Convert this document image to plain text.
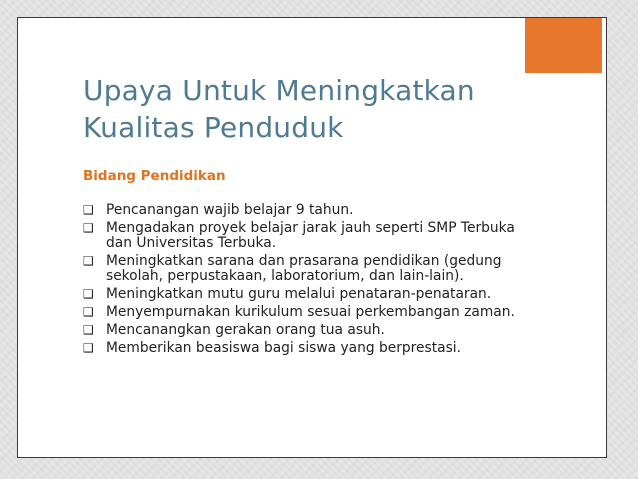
Upaya Untuk Meningkatkan
Kualitas Penduduk
Bidang Pendidikan
❑ Pencanangan wajib belajar 9 tahun.
❑ Mengadakan proyek belajar jarak jauh seperti SMP Terbuka dan Universitas Terbuka.
❑ Meningkatkan sarana dan prasarana pendidikan (gedung sekolah, perpustakaan, laboratorium, dan lain-lain).
❑ Meningkatkan mutu guru melalui penataran-penataran.
❑ Menyempurnakan kurikulum sesuai perkembangan zaman.
❑ Mencanangkan gerakan orang tua asuh.
❑ Memberikan beasiswa bagi siswa yang berprestasi.
